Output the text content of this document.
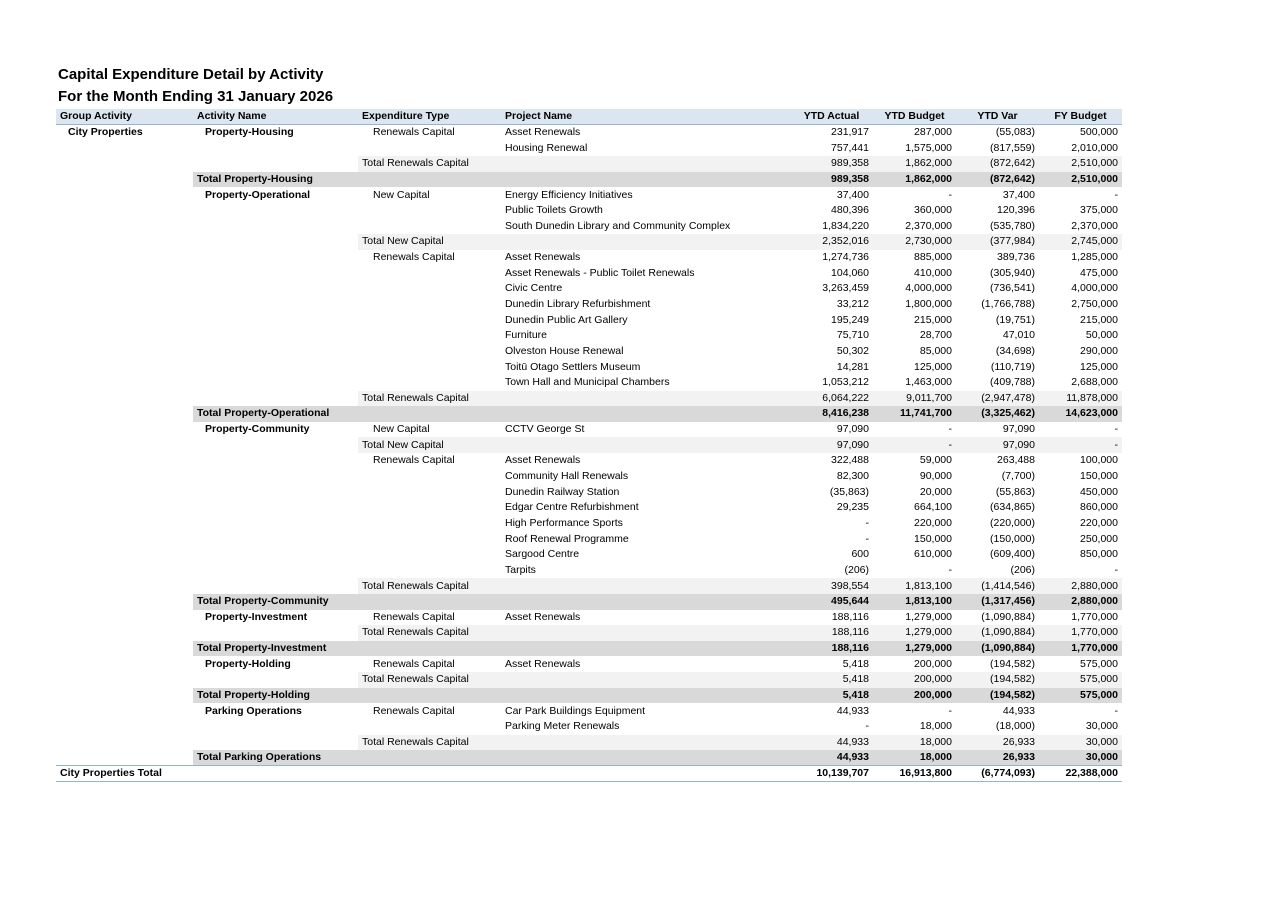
Capital Expenditure Detail by Activity
For the Month Ending 31 January 2026
Group Activity	Activity Name	Expenditure Type	Project Name	YTD Actual	YTD Budget	YTD Var	FY Budget
City Properties	Property-Housing	Renewals Capital	Asset Renewals	231,917	287,000	(55,083)	500,000
			Housing Renewal	757,441	1,575,000	(817,559)	2,010,000
		Total Renewals Capital		989,358	1,862,000	(872,642)	2,510,000
	Total Property-Housing			989,358	1,862,000	(872,642)	2,510,000
	Property-Operational	New Capital	Energy Efficiency Initiatives	37,400	-	37,400	-
			Public Toilets Growth	480,396	360,000	120,396	375,000
			South Dunedin Library and Community Complex	1,834,220	2,370,000	(535,780)	2,370,000
		Total New Capital		2,352,016	2,730,000	(377,984)	2,745,000
		Renewals Capital	Asset Renewals	1,274,736	885,000	389,736	1,285,000
			Asset Renewals - Public Toilet Renewals	104,060	410,000	(305,940)	475,000
			Civic Centre	3,263,459	4,000,000	(736,541)	4,000,000
			Dunedin Library Refurbishment	33,212	1,800,000	(1,766,788)	2,750,000
			Dunedin Public Art Gallery	195,249	215,000	(19,751)	215,000
			Furniture	75,710	28,700	47,010	50,000
			Olveston House Renewal	50,302	85,000	(34,698)	290,000
			Toitū Otago Settlers Museum	14,281	125,000	(110,719)	125,000
			Town Hall and Municipal Chambers	1,053,212	1,463,000	(409,788)	2,688,000
		Total Renewals Capital		6,064,222	9,011,700	(2,947,478)	11,878,000
	Total Property-Operational			8,416,238	11,741,700	(3,325,462)	14,623,000
	Property-Community	New Capital	CCTV George St	97,090	-	97,090	-
		Total New Capital		97,090	-	97,090	-
		Renewals Capital	Asset Renewals	322,488	59,000	263,488	100,000
			Community Hall Renewals	82,300	90,000	(7,700)	150,000
			Dunedin Railway Station	(35,863)	20,000	(55,863)	450,000
			Edgar Centre Refurbishment	29,235	664,100	(634,865)	860,000
			High Performance Sports	-	220,000	(220,000)	220,000
			Roof Renewal Programme	-	150,000	(150,000)	250,000
			Sargood Centre	600	610,000	(609,400)	850,000
			Tarpits	(206)	-	(206)	-
		Total Renewals Capital		398,554	1,813,100	(1,414,546)	2,880,000
	Total Property-Community			495,644	1,813,100	(1,317,456)	2,880,000
	Property-Investment	Renewals Capital	Asset Renewals	188,116	1,279,000	(1,090,884)	1,770,000
		Total Renewals Capital		188,116	1,279,000	(1,090,884)	1,770,000
	Total Property-Investment			188,116	1,279,000	(1,090,884)	1,770,000
	Property-Holding	Renewals Capital	Asset Renewals	5,418	200,000	(194,582)	575,000
		Total Renewals Capital		5,418	200,000	(194,582)	575,000
	Total Property-Holding			5,418	200,000	(194,582)	575,000
	Parking Operations	Renewals Capital	Car Park Buildings Equipment	44,933	-	44,933	-
			Parking Meter Renewals	-	18,000	(18,000)	30,000
		Total Renewals Capital		44,933	18,000	26,933	30,000
	Total Parking Operations			44,933	18,000	26,933	30,000
City Properties Total				10,139,707	16,913,800	(6,774,093)	22,388,000
